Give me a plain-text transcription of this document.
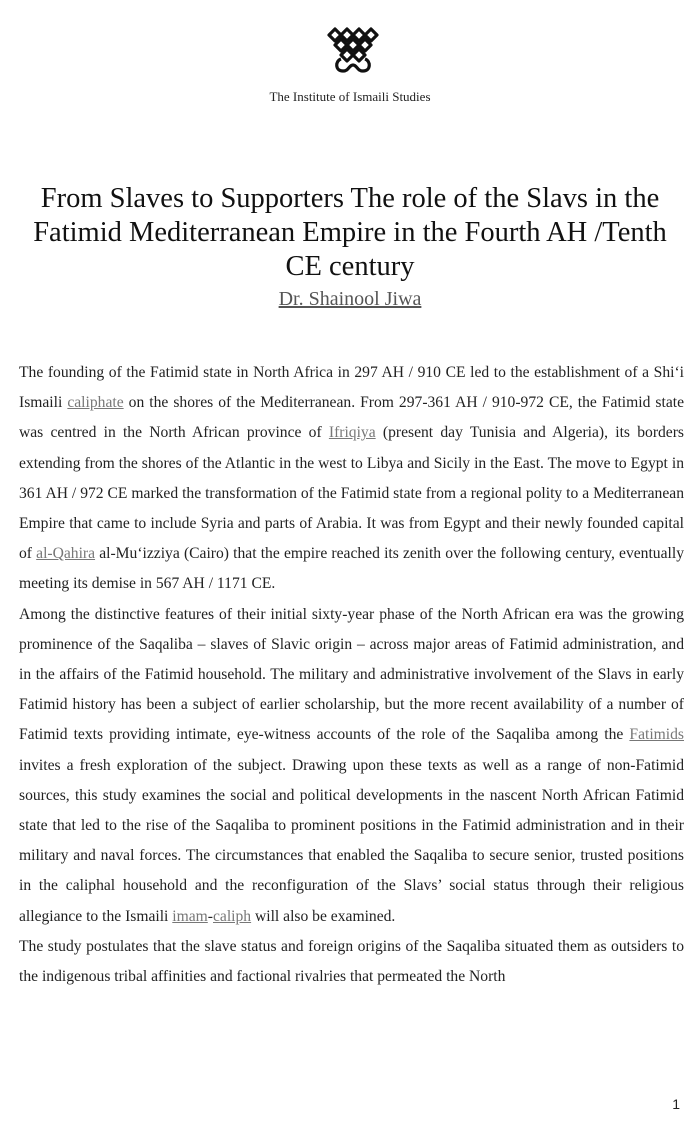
The Institute of Ismaili Studies
From Slaves to Supporters The role of the Slavs in the Fatimid Mediterranean Empire in the Fourth AH /Tenth CE century
Dr. Shainool Jiwa

The founding of the Fatimid state in North Africa in 297 AH / 910 CE led to the establishment of a Shi‘i Ismaili caliphate on the shores of the Mediterranean. From 297-361 AH / 910-972 CE, the Fatimid state was centred in the North African province of Ifriqiya (present day Tunisia and Algeria), its borders extending from the shores of the Atlantic in the west to Libya and Sicily in the East. The move to Egypt in 361 AH / 972 CE marked the transformation of the Fatimid state from a regional polity to a Mediterranean Empire that came to include Syria and parts of Arabia. It was from Egypt and their newly founded capital of al-Qahira al-Mu‘izziya (Cairo) that the empire reached its zenith over the following century, eventually meeting its demise in 567 AH / 1171 CE.

Among the distinctive features of their initial sixty-year phase of the North African era was the growing prominence of the Saqaliba – slaves of Slavic origin – across major areas of Fatimid administration, and in the affairs of the Fatimid household. The military and administrative involvement of the Slavs in early Fatimid history has been a subject of earlier scholarship, but the more recent availability of a number of Fatimid texts providing intimate, eye-witness accounts of the role of the Saqaliba among the Fatimids invites a fresh exploration of the subject. Drawing upon these texts as well as a range of non-Fatimid sources, this study examines the social and political developments in the nascent North African Fatimid state that led to the rise of the Saqaliba to prominent positions in the Fatimid administration and in their military and naval forces. The circumstances that enabled the Saqaliba to secure senior, trusted positions in the caliphal household and the reconfiguration of the Slavs’ social status through their religious allegiance to the Ismaili imam-caliph will also be examined.

The study postulates that the slave status and foreign origins of the Saqaliba situated them as outsiders to the indigenous tribal affinities and factional rivalries that permeated the North

1
